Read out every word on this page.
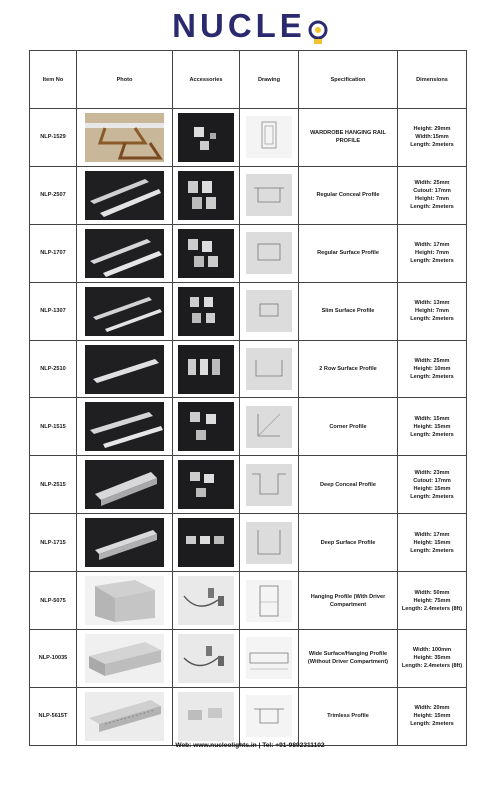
NUCLE
Item No	Photo	Accessories	Drawing	Specification	Dimensions
NLP-1529				WARDROBE HANGING RAIL PROFILE	Height: 29mm
Width:15mm
Length: 2meters

NLP-2507				Regular Conceal Profile	Width: 25mm
Cutout: 17mm
Height: 7mm
Length: 2meters

NLP-1707				Regular Surface Profile	Width: 17mm
Height: 7mm
Length: 2meters

NLP-1307				Slim Surface Profile	Width: 13mm
Height: 7mm
Length: 2meters

NLP-2510				2 Row Surface Profile	Width: 25mm
Height: 10mm
Length: 2meters

NLP-1515				Corner Profile	Width: 15mm
Height: 15mm
Length: 2meters

NLP-2515				Deep Conceal Profile	Width: 23mm
Cutout: 17mm
Height: 15mm
Length: 2meters

NLP-1715				Deep Surface Profile	Width: 17mm
Height: 15mm
Length: 2meters

NLP-5075				Hanging Profile (With Driver Compartment	Width: 50mm
Height: 75mm
Length: 2.4meters (8ft)

NLP-10035				Wide Surface/Hanging Profile (Without Driver Compartment)	Width: 100mm
Height: 35mm
Length: 2.4meters (8ft)

NLP-5615T				Trimless Profile	Width: 20mm
Height: 15mm
Length: 2meters
Web: www.nucleolights.in | Tel: +91-9892311102
